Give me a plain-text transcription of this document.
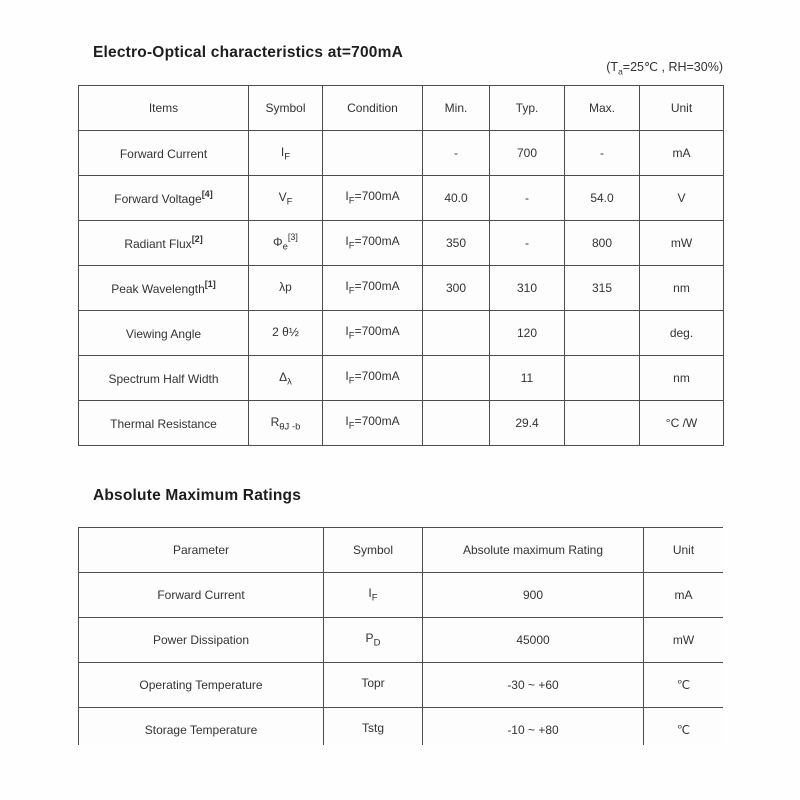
Electro-Optical characteristics at=700mA
($T_a=25℃$ , RH=30%)
Items	Symbol	Condition	Min.	Typ.	Max.	Unit
Forward Current	$I_F$		-	700	-	mA
Forward Voltage[4]	$V_F$	$I_F=700mA$	40.0	-	54.0	V
Radiant Flux[2]	$\Phi_e[3]$	$I_F=700mA$	350	-	800	mW
Peak Wavelength[1]	λp	$I_F=700mA$	300	310	315	nm
Viewing Angle	2 θ½	$I_F=700mA$		120		deg.
Spectrum Half Width	$\Delta_\lambda$	$I_F=700mA$		11		nm
Thermal Resistance	$R_{\theta J -b}$	$I_F=700mA$		29.4		°C /W
Absolute Maximum Ratings
Parameter	Symbol	Absolute maximum Rating	Unit
Forward Current	$I_F$	900	mA
Power Dissipation	$P_D$	45000	mW
Operating Temperature	Topr	-30 ~ +60	℃
Storage Temperature	Tstg	-10 ~ +80	℃
